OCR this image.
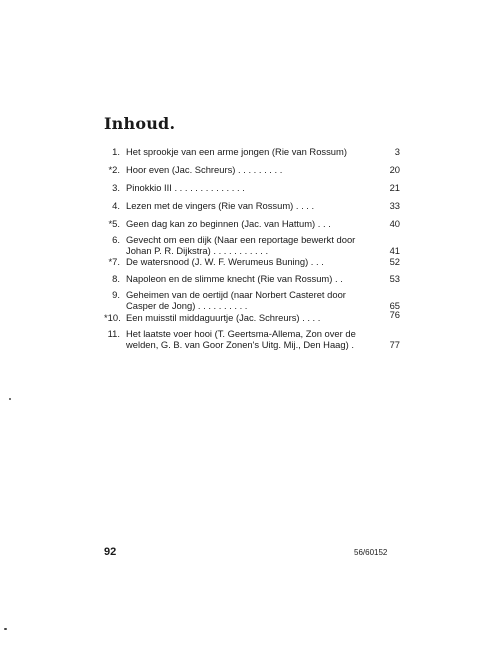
Inhoud.
1. Het sprookje van een arme jongen (Rie van Rossum)	3
*2. Hoor even (Jac. Schreurs) . . . . . . . . .	20
3. Pinokkio III . . . . . . . . . . . . . .	21
4. Lezen met de vingers (Rie van Rossum) . . . .	33
*5. Geen dag kan zo beginnen (Jac. van Hattum) . . .	40
6. Gevecht om een dijk (Naar een reportage bewerkt door
Johan P. R. Dijkstra) . . . . . . . . . . .	41
*7. De watersnood (J. W. F. Werumeus Buning) . . .	52
8. Napoleon en de slimme knecht (Rie van Rossum) . .	53
9. Geheimen van de oertijd (naar Norbert Casteret door
Casper de Jong) . . . . . . . . . .	65
*10. Een muisstil middaguurtje (Jac. Schreurs) . . . .	76
11. Het laatste voer hooi (T. Geertsma-Allema, Zon over de
welden, G. B. van Goor Zonen's Uitg. Mij., Den Haag) .	77
92	56/60152
